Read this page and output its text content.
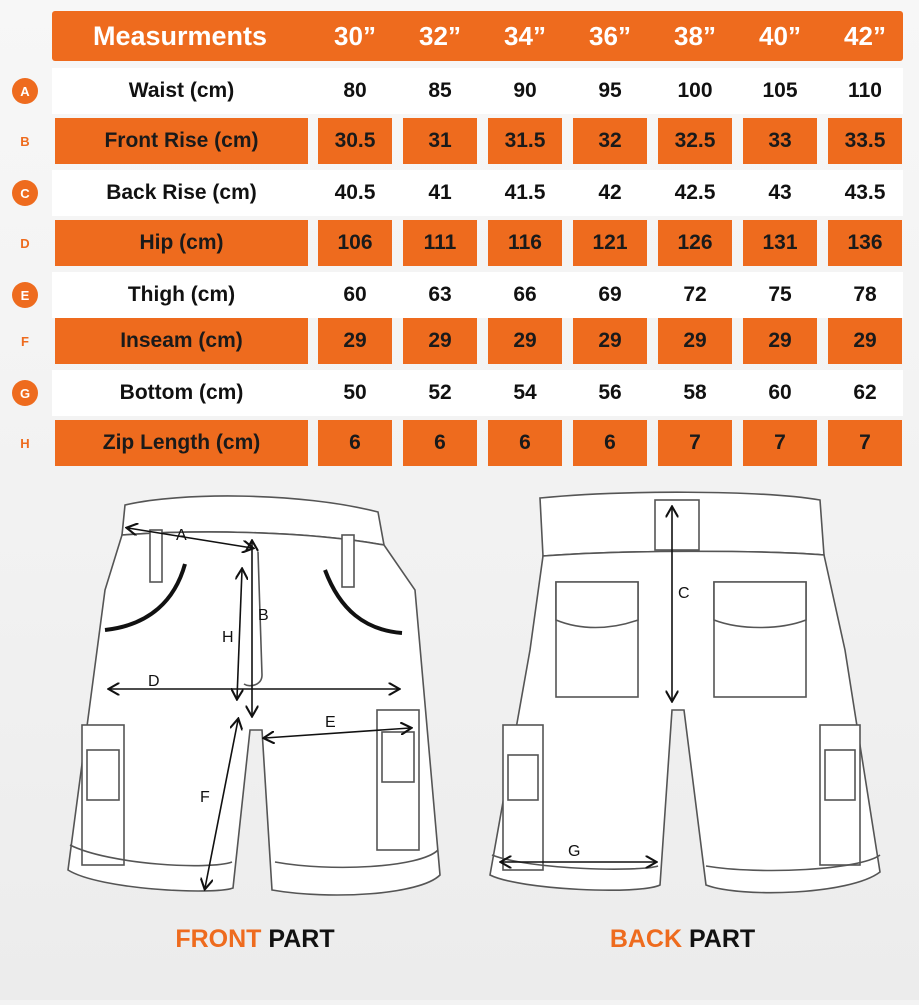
Measurments	30”	32”	34”	36”	38”	40”	42”
A	Waist (cm)	80	85	90	95	100	105	110
B	Front Rise (cm)	30.5	31	31.5	32	32.5	33	33.5
C	Back Rise (cm)	40.5	41	41.5	42	42.5	43	43.5
D	Hip (cm)	106	111	116	121	126	131	136
E	Thigh (cm)	60	63	66	69	72	75	78
F	Inseam (cm)	29	29	29	29	29	29	29
G	Bottom (cm)	50	52	54	56	58	60	62
H	Zip Length (cm)	6	6	6	6	7	7	7
A
B
H
D
E
F
C
G
FRONT PART	BACK PART
